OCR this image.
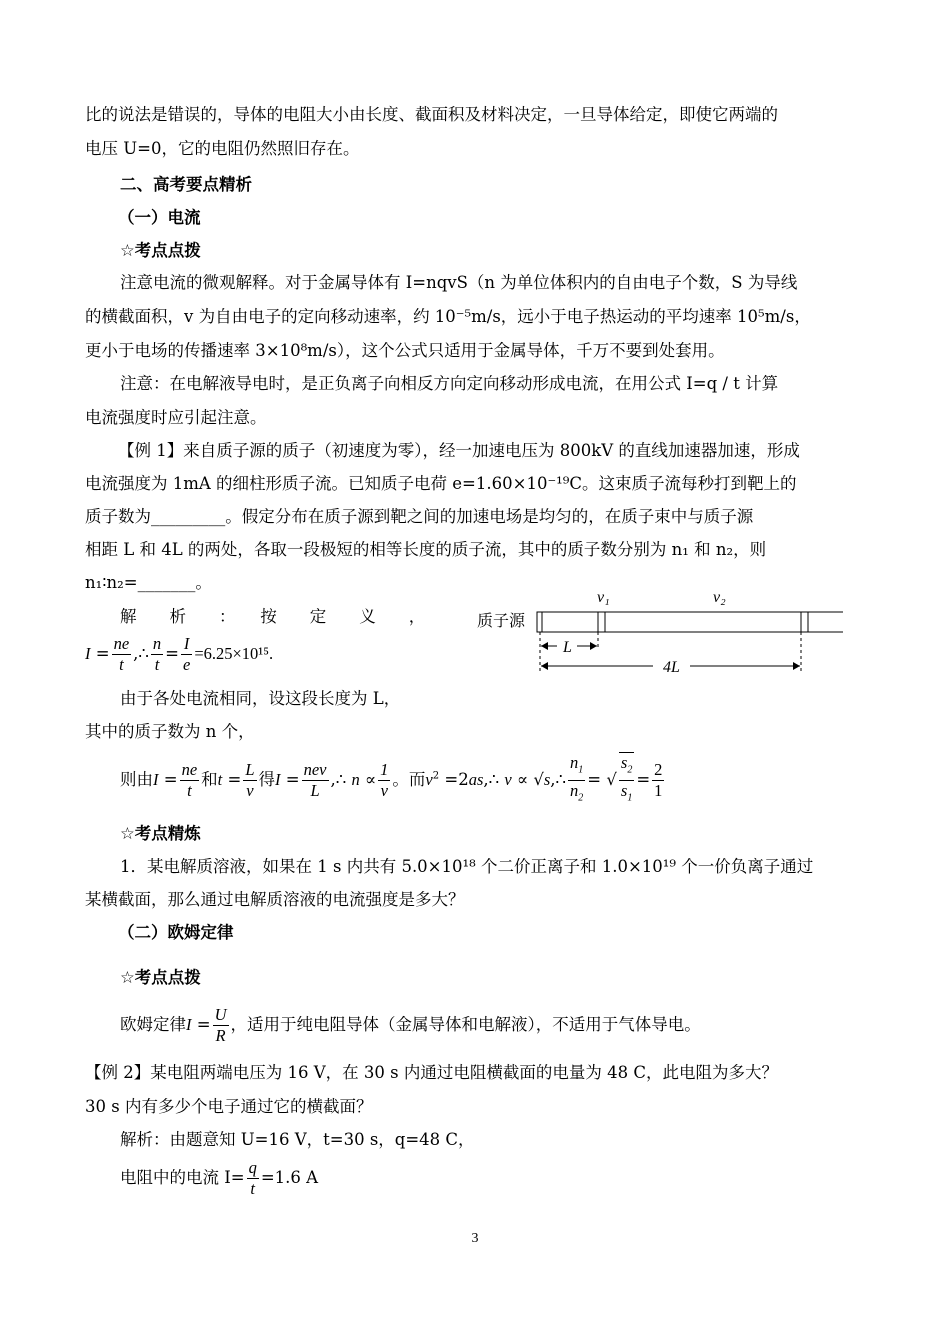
比的说法是错误的，导体的电阻大小由长度、截面积及材料决定，一旦导体给定，即使它两端的
电压 U=0，它的电阻仍然照旧存在。
二、高考要点精析
（一）电流
☆考点点拨
注意电流的微观解释。对于金属导体有 I=nqvS（n 为单位体积内的自由电子个数，S 为导线
的横截面积，v 为自由电子的定向移动速率，约 10⁻⁵m/s，远小于电子热运动的平均速率 10⁵m/s，
更小于电场的传播速率 3×10⁸m/s），这个公式只适用于金属导体，千万不要到处套用。
注意：在电解液导电时，是正负离子向相反方向定向移动形成电流，在用公式 I=q / t 计算
电流强度时应引起注意。
【例 1】来自质子源的质子（初速度为零），经一加速电压为 800kV 的直线加速器加速，形成
电流强度为 1mA 的细柱形质子流。已知质子电荷 e=1.60×10⁻¹⁹C。这束质子流每秒打到靶上的
质子数为_________。假定分布在质子源到靶之间的加速电场是均匀的，在质子束中与质子源
相距 L 和 4L 的两处，各取一段极短的相等长度的质子流，其中的质子数分别为 n₁ 和 n₂，则
n₁∶n₂=_______。
解　　析　　：　　按　　定　　义　　，
$I = \frac{ne}{t}$ ,∴ $\frac{n}{t} = \frac{I}{e} =6.25\times 10^{15}$.
质子源
v₁	v₂
L
4L
由于各处电流相同，设这段长度为 L，
其中的质子数为 n 个，
则由$I = \frac{ne}{t}$ 和$t = \frac{L}{v}$ 得$I = \frac{\text{nev}}{L}$ ,∴ $n \propto \frac{1}{v}$ 。而$v^2$ =2as,∴ v ∝ √s,∴ $\frac{n_1}{n_2}$ = √ $\frac{s_2}{s_1} = \frac{2}{1}$
☆考点精炼
1．某电解质溶液，如果在 1 s 内共有 5.0×10¹⁸ 个二价正离子和 1.0×10¹⁹ 个一价负离子通过
某横截面，那么通过电解质溶液的电流强度是多大？
（二）欧姆定律
☆考点点拨
欧姆定律$I = \frac{U}{R}$ ，适用于纯电阻导体（金属导体和电解液），不适用于气体导电。
【例 2】某电阻两端电压为 16 V，在 30 s 内通过电阻横截面的电量为 48 C，此电阻为多大？
30 s 内有多少个电子通过它的横截面？
解析：由题意知 U=16 V，t=30 s，q=48 C，
电阻中的电流 $I= \frac{q}{t} =1.6$ A
3
